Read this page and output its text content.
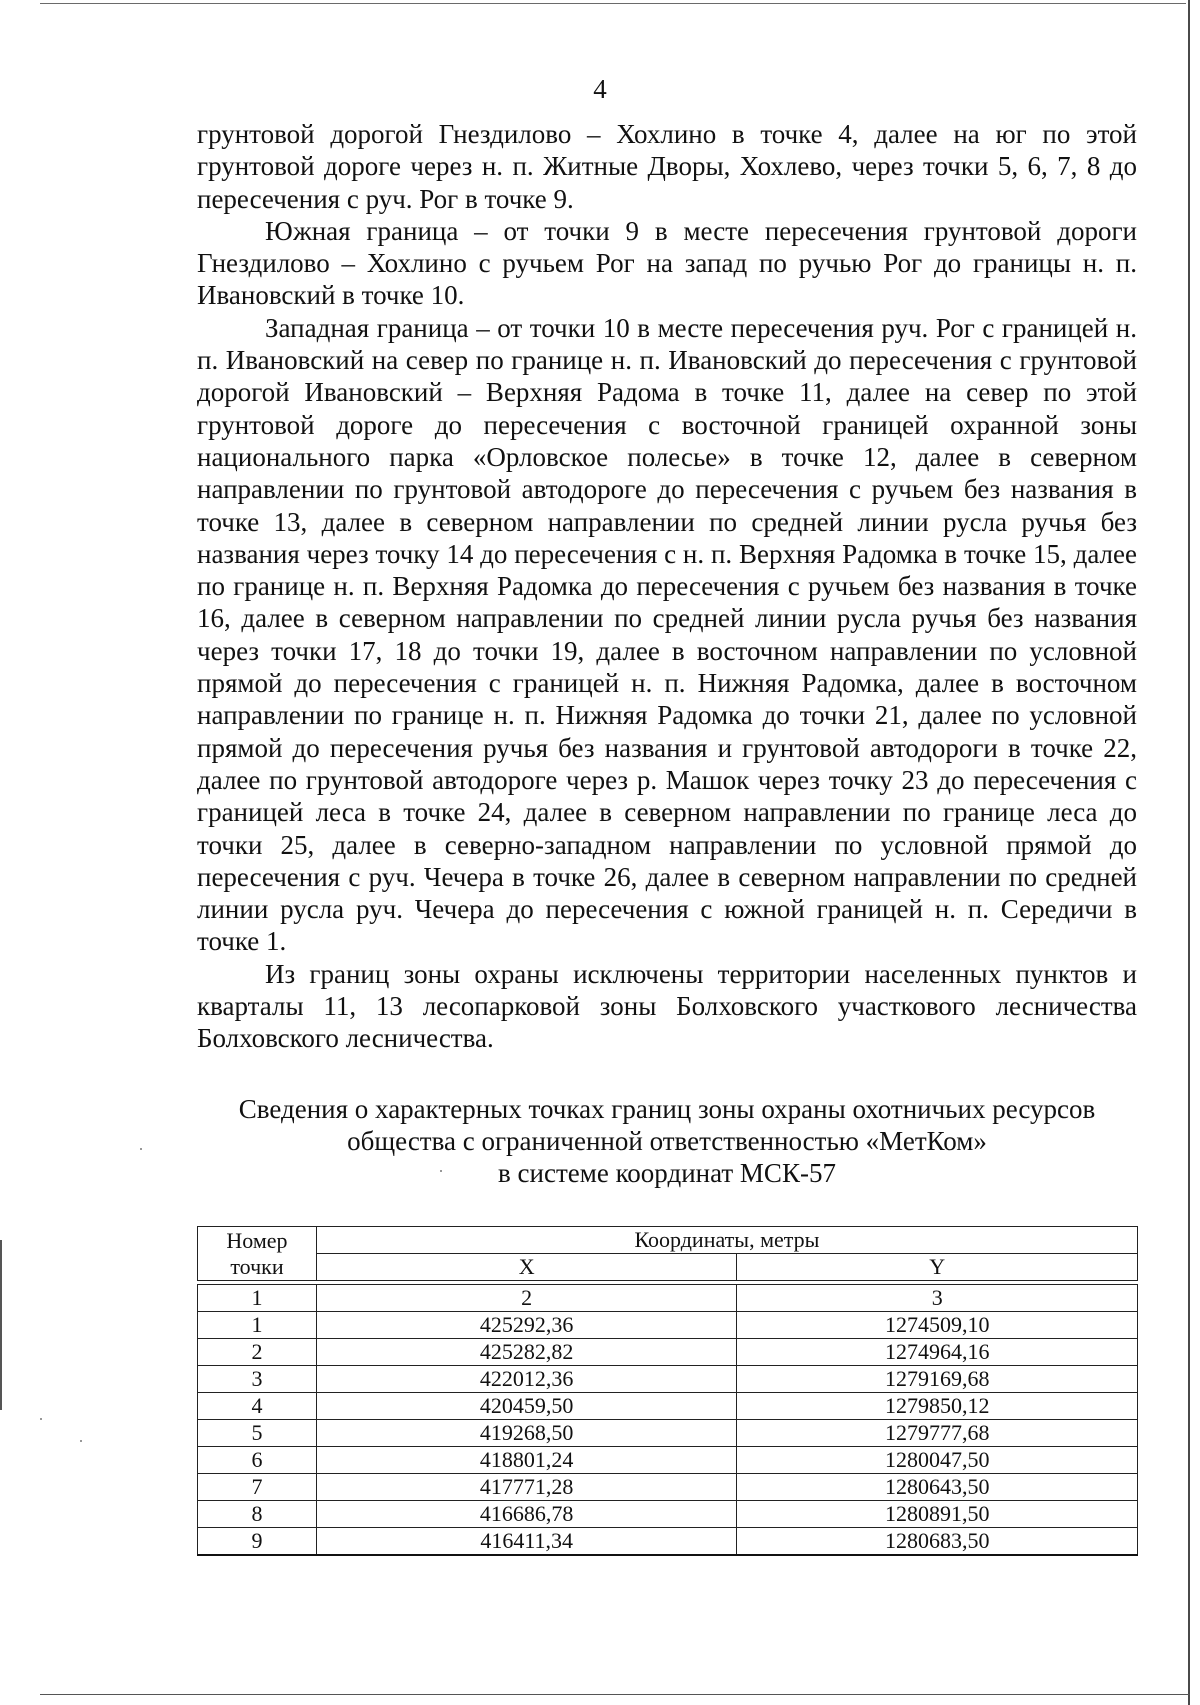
4

грунтовой дорогой Гнездилово – Хохлино в точке 4, далее на юг по этой грунтовой дороге через н. п. Житные Дворы, Хохлево, через точки 5, 6, 7, 8 до пересечения с руч. Рог в точке 9.

Южная граница – от точки 9 в месте пересечения грунтовой дороги Гнездилово – Хохлино с ручьем Рог на запад по ручью Рог до границы н. п. Ивановский в точке 10.

Западная граница – от точки 10 в месте пересечения руч. Рог с границей н. п. Ивановский на север по границе н. п. Ивановский до пересечения с грунтовой дорогой Ивановский – Верхняя Радома в точке 11, далее на север по этой грунтовой дороге до пересечения с восточной границей охранной зоны национального парка «Орловское полесье» в точке 12, далее в северном направлении по грунтовой автодороге до пересечения с ручьем без названия в точке 13, далее в северном направлении по средней линии русла ручья без названия через точку 14 до пересечения с н. п. Верхняя Радомка в точке 15, далее по границе н. п. Верхняя Радомка до пересечения с ручьем без названия в точке 16, далее в северном направлении по средней линии русла ручья без названия через точки 17, 18 до точки 19, далее в восточном направлении по условной прямой до пересечения с границей н. п. Нижняя Радомка, далее в восточном направлении по границе н. п. Нижняя Радомка до точки 21, далее по условной прямой до пересечения ручья без названия и грунтовой автодороги в точке 22, далее по грунтовой автодороге через р. Машок через точку 23 до пересечения с границей леса в точке 24, далее в северном направлении по границе леса до точки 25, далее в северно-западном направлении по условной прямой до пересечения с руч. Чечера в точке 26, далее в северном направлении по средней линии русла руч. Чечера до пересечения с южной границей н. п. Середичи в точке 1.

Из границ зоны охраны исключены территории населенных пунктов и кварталы 11, 13 лесопарковой зоны Болховского участкового лесничества Болховского лесничества.

Сведения о характерных точках границ зоны охраны охотничьих ресурсов
общества с ограниченной ответственностью «МетКом»
в системе координат МСК-57
Номер
точки	Координаты, метры	
	X	Y

1	2	3
1	425292,36	1274509,10
2	425282,82	1274964,16
3	422012,36	1279169,68
4	420459,50	1279850,12
5	419268,50	1279777,68
6	418801,24	1280047,50
7	417771,28	1280643,50
8	416686,78	1280891,50
9	416411,34	1280683,50
